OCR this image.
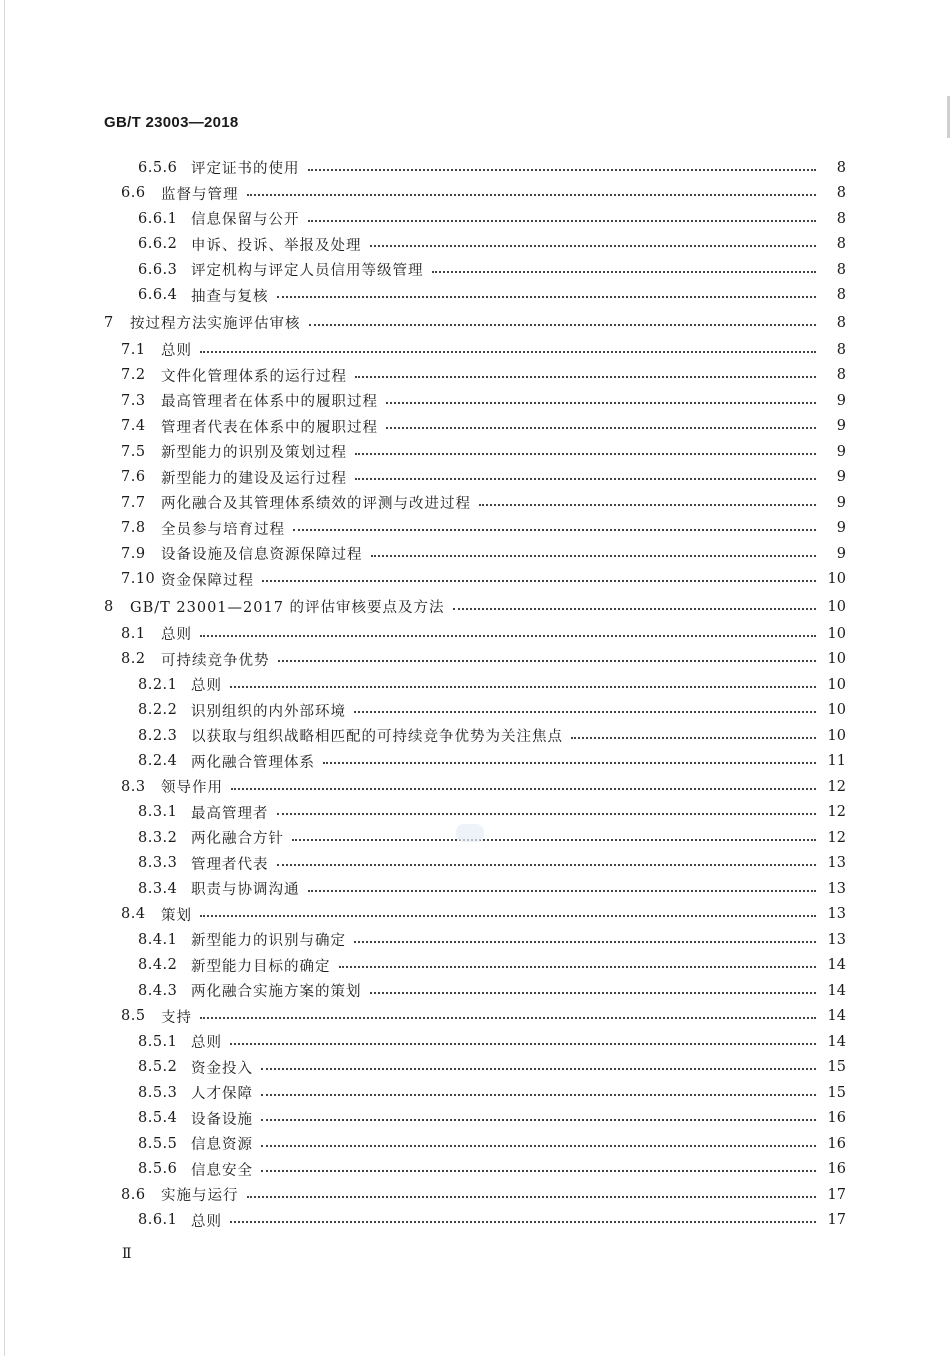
GB/T 23003—2018
6.5.6 评定证书的使用	8
6.6	监督与管理	8
6.6.1 信息保留与公开	8
6.6.2 申诉、投诉、举报及处理	8
6.6.3 评定机构与评定人员信用等级管理	8
6.6.4 抽查与复核	8
7	按过程方法实施评估审核	8
7.1	总则	8
7.2	文件化管理体系的运行过程	8
7.3	最高管理者在体系中的履职过程	9
7.4	管理者代表在体系中的履职过程	9
7.5	新型能力的识别及策划过程	9
7.6	新型能力的建设及运行过程	9
7.7	两化融合及其管理体系绩效的评测与改进过程	9
7.8	全员参与培育过程	9
7.9	设备设施及信息资源保障过程	9
7.10 资金保障过程	10
8	GB/T 23001—2017 的评估审核要点及方法	10
8.1	总则	10
8.2	可持续竞争优势	10
8.2.1 总则	10
8.2.2 识别组织的内外部环境	10
8.2.3 以获取与组织战略相匹配的可持续竞争优势为关注焦点	10
8.2.4 两化融合管理体系	11
8.3	领导作用	12
8.3.1 最高管理者	12
8.3.2 两化融合方针	12
8.3.3 管理者代表	13
8.3.4 职责与协调沟通	13
8.4	策划	13
8.4.1 新型能力的识别与确定	13
8.4.2 新型能力目标的确定	14
8.4.3 两化融合实施方案的策划	14
8.5	支持	14
8.5.1 总则	14
8.5.2 资金投入	15
8.5.3 人才保障	15
8.5.4 设备设施	16
8.5.5 信息资源	16
8.5.6 信息安全	16
8.6	实施与运行	17
8.6.1 总则	17
Ⅱ
